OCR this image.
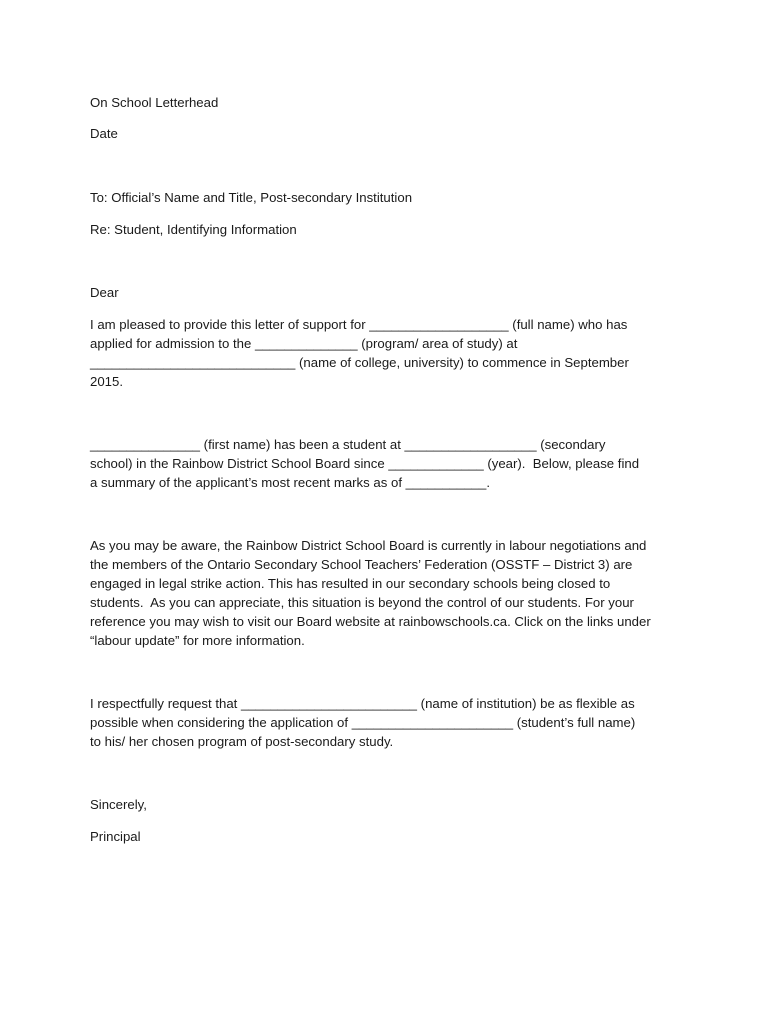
On School Letterhead

Date

To: Official’s Name and Title, Post-secondary Institution

Re: Student, Identifying Information

Dear

I am pleased to provide this letter of support for ___________________ (full name) who has
applied for admission to the ______________ (program/ area of study) at
____________________________ (name of college, university) to commence in September
2015.
_______________ (first name) has been a student at __________________ (secondary
school) in the Rainbow District School Board since _____________ (year).  Below, please find
a summary of the applicant’s most recent marks as of ___________.
As you may be aware, the Rainbow District School Board is currently in labour negotiations and
the members of the Ontario Secondary School Teachers’ Federation (OSSTF – District 3) are
engaged in legal strike action. This has resulted in our secondary schools being closed to
students.  As you can appreciate, this situation is beyond the control of our students. For your
reference you may wish to visit our Board website at rainbowschools.ca. Click on the links under
“labour update” for more information.
I respectfully request that ________________________ (name of institution) be as flexible as
possible when considering the application of ______________________ (student’s full name)
to his/ her chosen program of post-secondary study.

Sincerely,

Principal
